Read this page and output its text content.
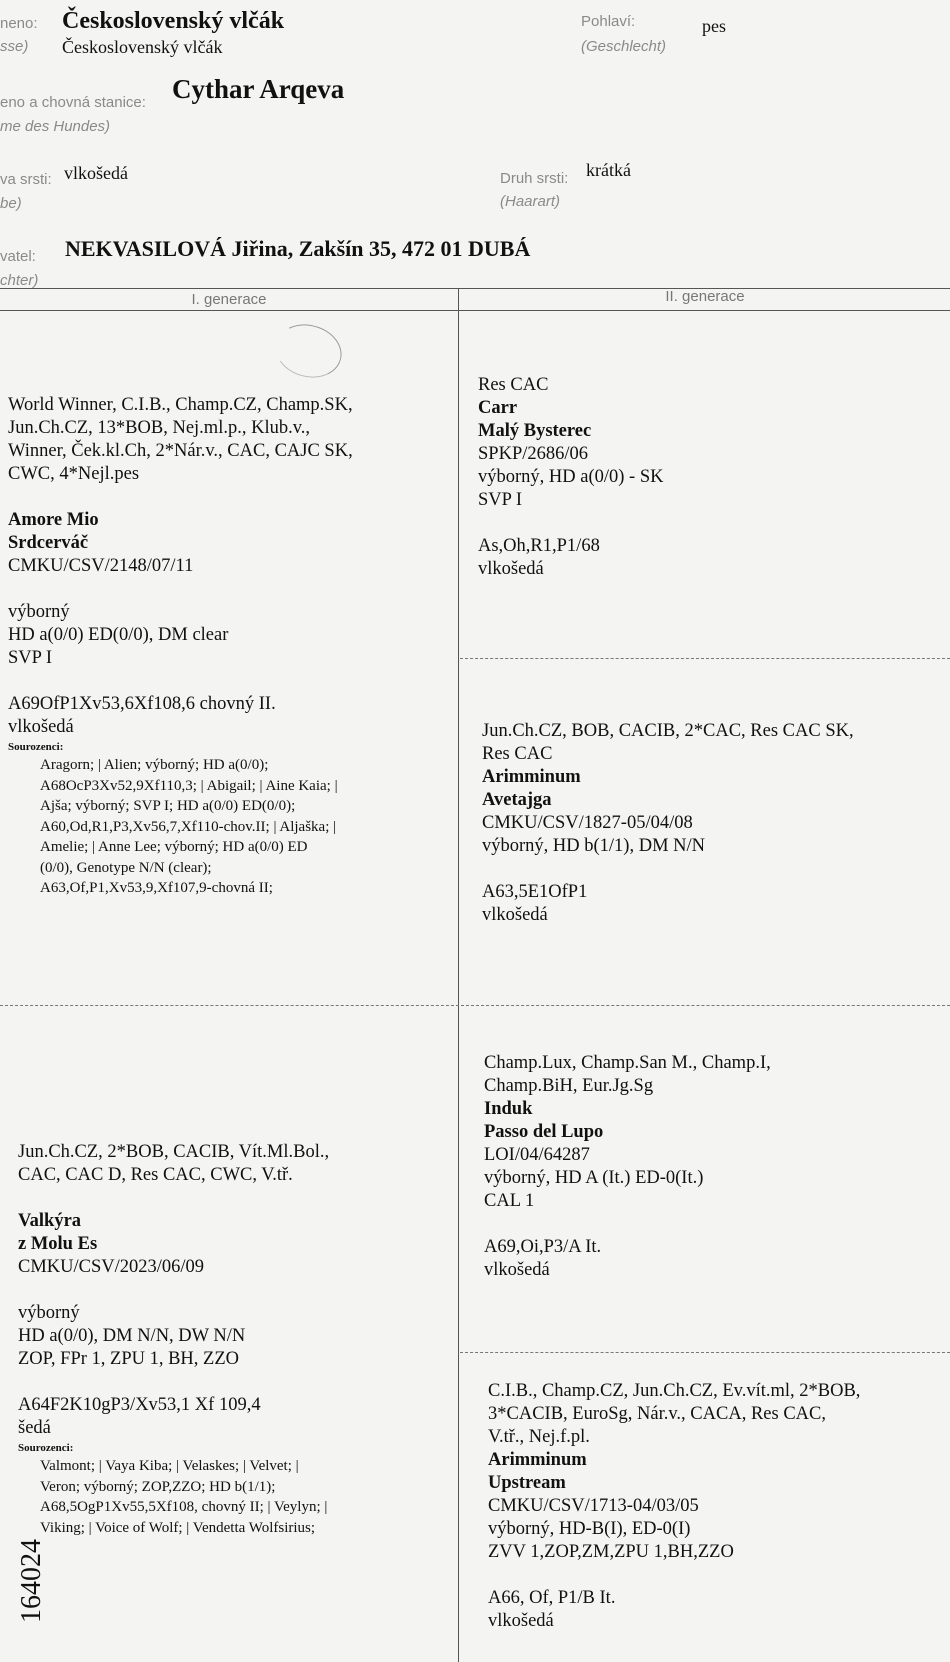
neno:
sse)
Československý vlčák
Československý vlčák
Pohlaví:
(Geschlecht)
pes
eno a chovná stanice:
me des Hundes)
Cythar Arqeva
va srsti:
be)
vlkošedá	Druh srsti:
(Haarart)
krátká
vatel:
chter)
NEKVASILOVÁ Jiřina, Zakšín 35, 472 01 DUBÁ
I. generace	II. generace
World Winner, C.I.B., Champ.CZ, Champ.SK,
Jun.Ch.CZ, 13*BOB, Nej.ml.p., Klub.v.,
Winner, Ček.kl.Ch, 2*Nár.v., CAC, CAJC SK,
CWC, 4*Nejl.pes
Amore Mio
Srdcerváč
CMKU/CSV/2148/07/11
výborný
HD a(0/0) ED(0/0), DM clear
SVP I
A69OfP1Xv53,6Xf108,6 chovný II.
vlkošedá
Sourozenci:
Aragorn; | Alien; výborný; HD a(0/0);
A68OcP3Xv52,9Xf110,3; | Abigail; | Aine Kaia; |
Ajša; výborný; SVP I; HD a(0/0) ED(0/0);
A60,Od,R1,P3,Xv56,7,Xf110-chov.II; | Aljaška; |
Amelie; | Anne Lee; výborný; HD a(0/0) ED
(0/0), Genotype N/N (clear);
A63,Of,P1,Xv53,9,Xf107,9-chovná II;
Jun.Ch.CZ, 2*BOB, CACIB, Vít.Ml.Bol.,
CAC, CAC D, Res CAC, CWC, V.tř.
Valkýra
z Molu Es
CMKU/CSV/2023/06/09
výborný
HD a(0/0), DM N/N, DW N/N
ZOP, FPr 1, ZPU 1, BH, ZZO
A64F2K10gP3/Xv53,1 Xf 109,4
šedá
Sourozenci:
Valmont; | Vaya Kiba; | Velaskes; | Velvet; |
Veron; výborný; ZOP,ZZO; HD b(1/1);
A68,5OgP1Xv55,5Xf108, chovný II; | Veylyn; |
Viking; | Voice of Wolf; | Vendetta Wolfsirius;
Res CAC
Carr
Malý Bysterec
SPKP/2686/06
výborný, HD a(0/0) - SK
SVP I
As,Oh,R1,P1/68
vlkošedá
Jun.Ch.CZ, BOB, CACIB, 2*CAC, Res CAC SK,
Res CAC
Arimminum
Avetajga
CMKU/CSV/1827-05/04/08
výborný, HD b(1/1), DM N/N
A63,5E1OfP1
vlkošedá
Champ.Lux, Champ.San M., Champ.I,
Champ.BiH, Eur.Jg.Sg
Induk
Passo del Lupo
LOI/04/64287
výborný, HD A (It.) ED-0(It.)
CAL 1
A69,Oi,P3/A It.
vlkošedá
C.I.B., Champ.CZ, Jun.Ch.CZ, Ev.vít.ml, 2*BOB,
3*CACIB, EuroSg, Nár.v., CACA, Res CAC,
V.tř., Nej.f.pl.
Arimminum
Upstream
CMKU/CSV/1713-04/03/05
výborný, HD-B(I), ED-0(I)
ZVV 1,ZOP,ZM,ZPU 1,BH,ZZO
A66, Of, P1/B It.
vlkošedá
164024
